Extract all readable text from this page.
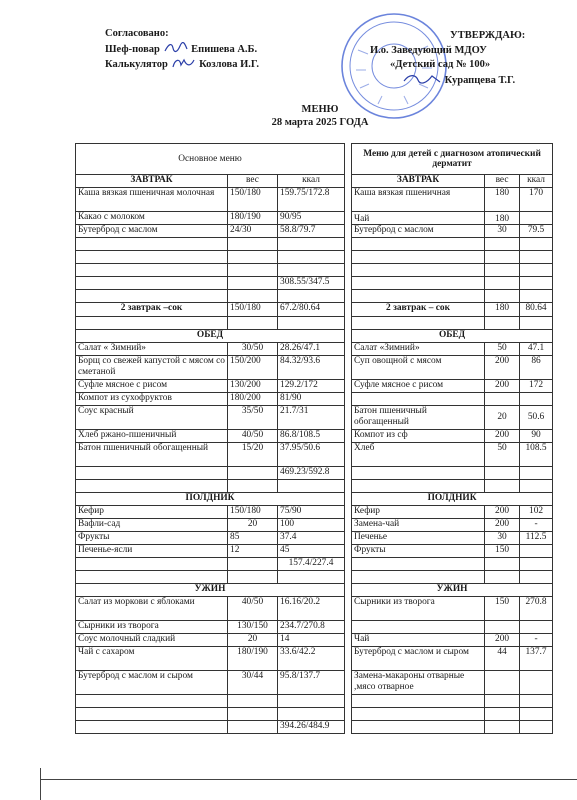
Согласовано:
Шеф-повар	Епишева А.Б.
Калькулятор	Козлова И.Г.
УТВЕРЖДАЮ:
И.о. Заведующий МДОУ
«Детский сад № 100»
Курапцева Т.Г.
МЕНЮ
28 марта 2025 ГОДА
Основное меню				Меню для детей с диагнозом атопический дерматит		
ЗАВТРАК	вес	ккал		ЗАВТРАК	вес	ккал
Каша вязкая пшеничная молочная	150/180	159.75/172.8		Каша вязкая пшеничная	180	170
Какао с молоком	180/190	90/95		Чай	180	
Бутерброд с маслом	24/30	58.8/79.7		Бутерброд с маслом	30	79.5

		308.55/347.5				

2 завтрак –сок	150/180	67.2/80.64		2 завтрак – сок	180	80.64

ОБЕД				ОБЕД		
Салат « Зимний»	30/50	28.26/47.1		Салат «Зимний»	50	47.1
Борщ со свежей капустой с мясом со сметаной	150/200	84.32/93.6		Суп овощной с мясом	200	86
Суфле мясное с рисом	130/200	129.2/172		Суфле мясное с рисом	200	172
Компот из сухофруктов	180/200	81/90				
Соус красный	35/50	21.7/31		Батон пшеничный обогащенный	20	50.6
Хлеб ржано-пшеничный	40/50	86.8/108.5		Компот из сф	200	90
Батон пшеничный обогащенный	15/20	37.95/50.6		Хлеб	50	108.5
		469.23/592.8				

ПОЛДНИК				ПОЛДНИК		
Кефир	150/180	75/90		Кефир	200	102
Вафли-сад	20	100		Замена-чай	200	-
Фрукты	85	37.4		Печенье	30	112.5
Печенье-ясли	12	45		Фрукты	150	
		157.4/227.4				

УЖИН				УЖИН		
Салат из моркови с яблоками	40/50	16.16/20.2		Сырники из творога	150	270.8
Сырники из творога	130/150	234.7/270.8				
Соус молочный сладкий	20	14		Чай	200	-
Чай с сахаром	180/190	33.6/42.2		Бутерброд с маслом и сыром	44	137.7
Бутерброд с маслом и сыром	30/44	95.8/137.7		Замена-макароны отварные ,мясо отварное		

		394.26/484.9				
